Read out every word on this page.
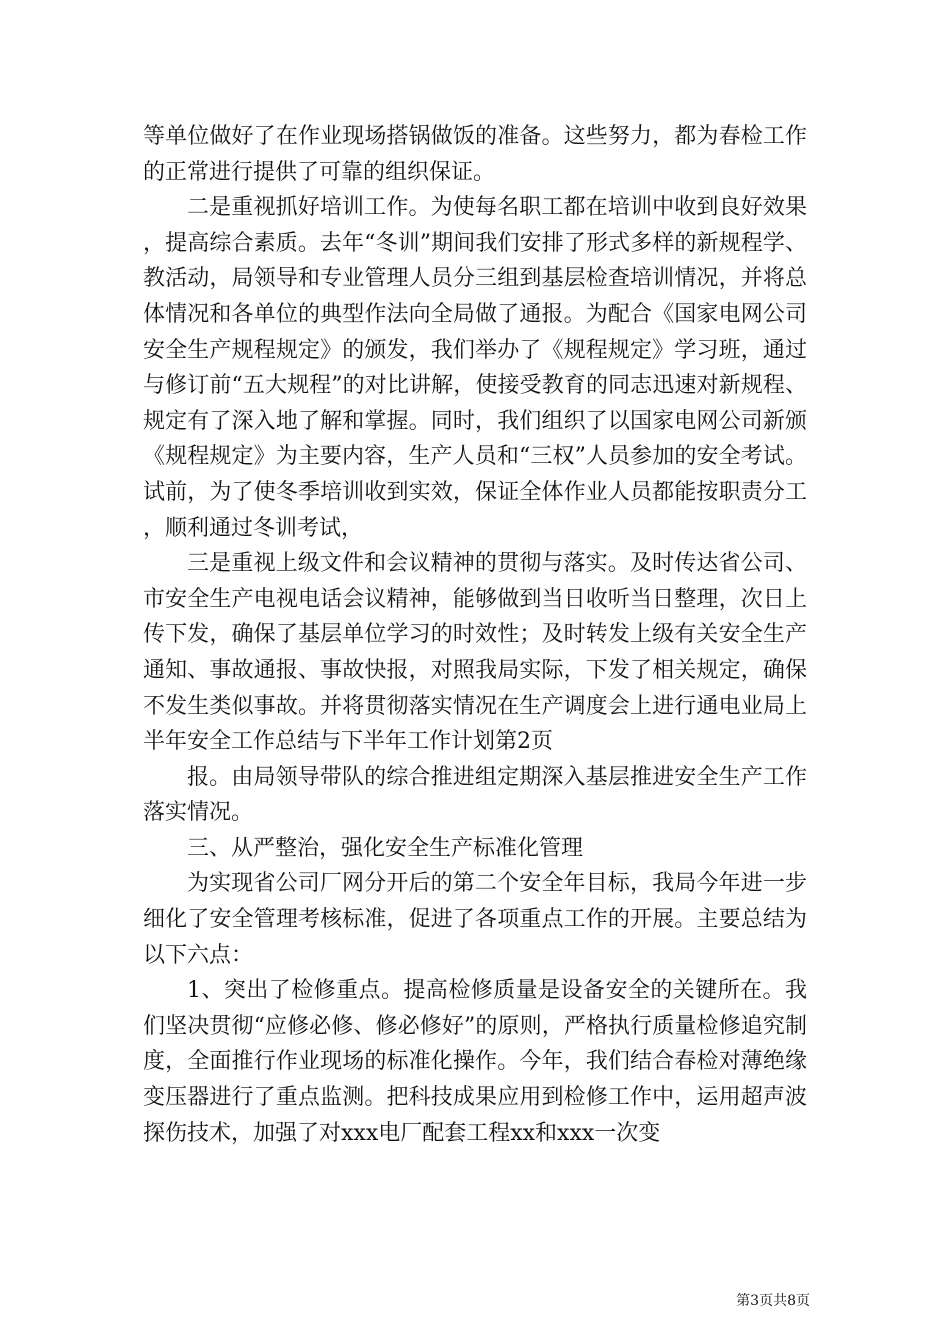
等单位做好了在作业现场搭锅做饭的准备。这些努力，都为春检工作的正常进行提供了可靠的组织保证。

二是重视抓好培训工作。为使每名职工都在培训中收到良好效果，提高综合素质。去年“冬训”期间我们安排了形式多样的新规程学、教活动，局领导和专业管理人员分三组到基层检查培训情况，并将总体情况和各单位的典型作法向全局做了通报。为配合《国家电网公司安全生产规程规定》的颁发，我们举办了《规程规定》学习班，通过与修订前“五大规程”的对比讲解，使接受教育的同志迅速对新规程、规定有了深入地了解和掌握。同时，我们组织了以国家电网公司新颁《规程规定》为主要内容，生产人员和“三权”人员参加的安全考试。试前，为了使冬季培训收到实效，保证全体作业人员都能按职责分工，顺利通过冬训考试，

三是重视上级文件和会议精神的贯彻与落实。及时传达省公司、市安全生产电视电话会议精神，能够做到当日收听当日整理，次日上传下发，确保了基层单位学习的时效性；及时转发上级有关安全生产通知、事故通报、事故快报，对照我局实际，下发了相关规定，确保不发生类似事故。并将贯彻落实情况在生产调度会上进行通电业局上半年安全工作总结与下半年工作计划第2页

报。由局领导带队的综合推进组定期深入基层推进安全生产工作落实情况。

三、从严整治，强化安全生产标准化管理

为实现省公司厂网分开后的第二个安全年目标，我局今年进一步细化了安全管理考核标准，促进了各项重点工作的开展。主要总结为以下六点：

1、突出了检修重点。提高检修质量是设备安全的关键所在。我们坚决贯彻“应修必修、修必修好”的原则，严格执行质量检修追究制度，全面推行作业现场的标准化操作。今年，我们结合春检对薄绝缘变压器进行了重点监测。把科技成果应用到检修工作中，运用超声波探伤技术，加强了对xxx电厂配套工程xx和xxx一次变

第3页共8页
